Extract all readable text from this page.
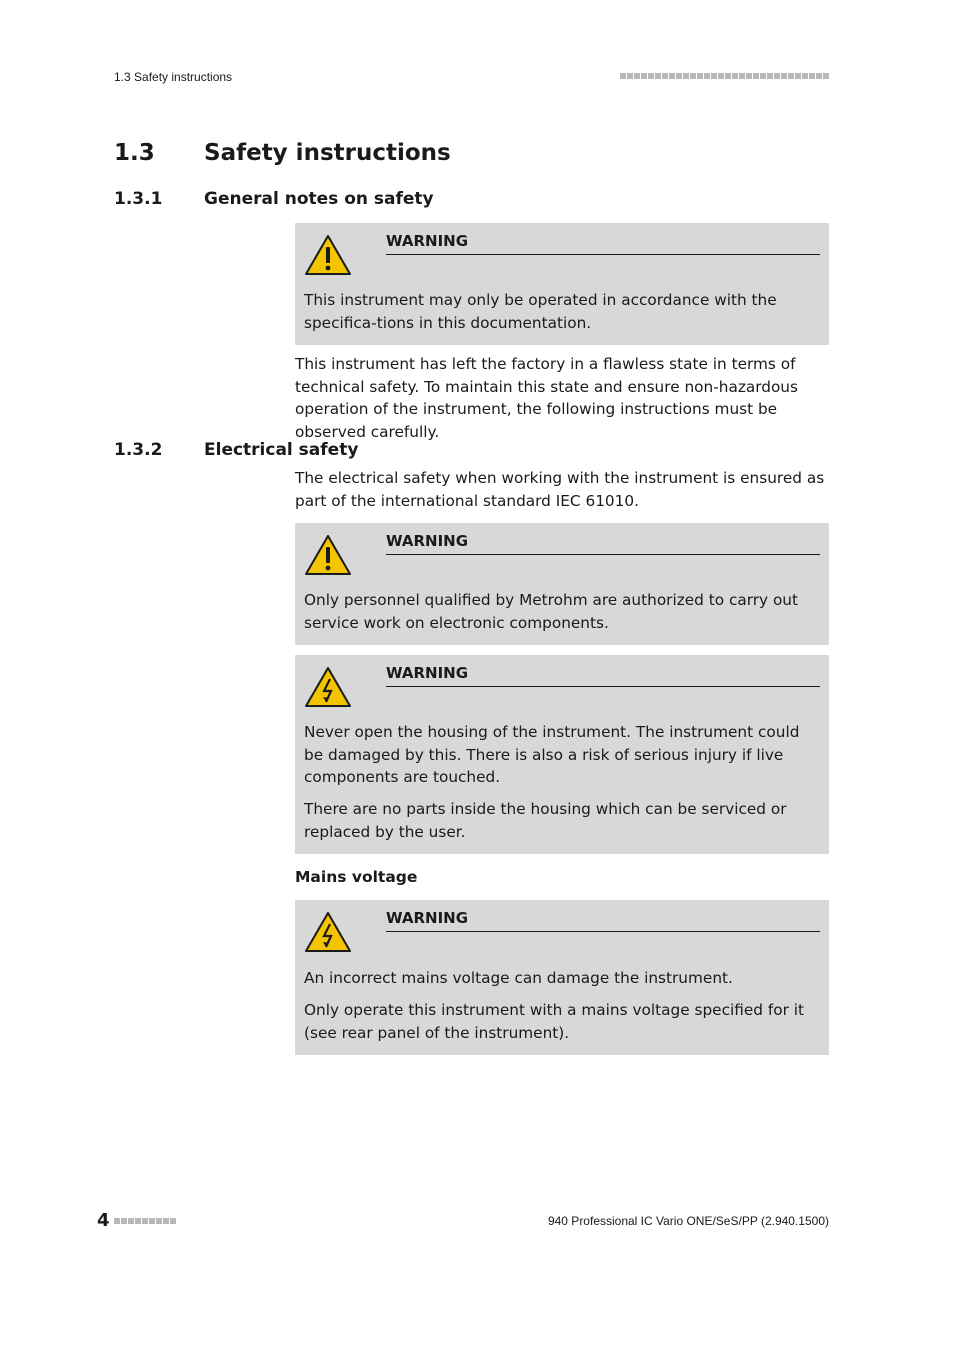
1.3 Safety instructions
1.3 Safety instructions
1.3.1 General notes on safety
WARNING

This instrument may only be operated in accordance with the specifica-tions in this documentation.

This instrument has left the factory in a flawless state in terms of technical safety. To maintain this state and ensure non-hazardous operation of the instrument, the following instructions must be observed carefully.

1.3.2 Electrical safety

The electrical safety when working with the instrument is ensured as part of the international standard IEC 61010.

WARNING

Only personnel qualified by Metrohm are authorized to carry out service work on electronic components.

WARNING

Never open the housing of the instrument. The instrument could be damaged by this. There is also a risk of serious injury if live components are touched.

There are no parts inside the housing which can be serviced or replaced by the user.

Mains voltage
WARNING

An incorrect mains voltage can damage the instrument.

Only operate this instrument with a mains voltage specified for it (see rear panel of the instrument).

4	940 Professional IC Vario ONE/SeS/PP (2.940.1500)
